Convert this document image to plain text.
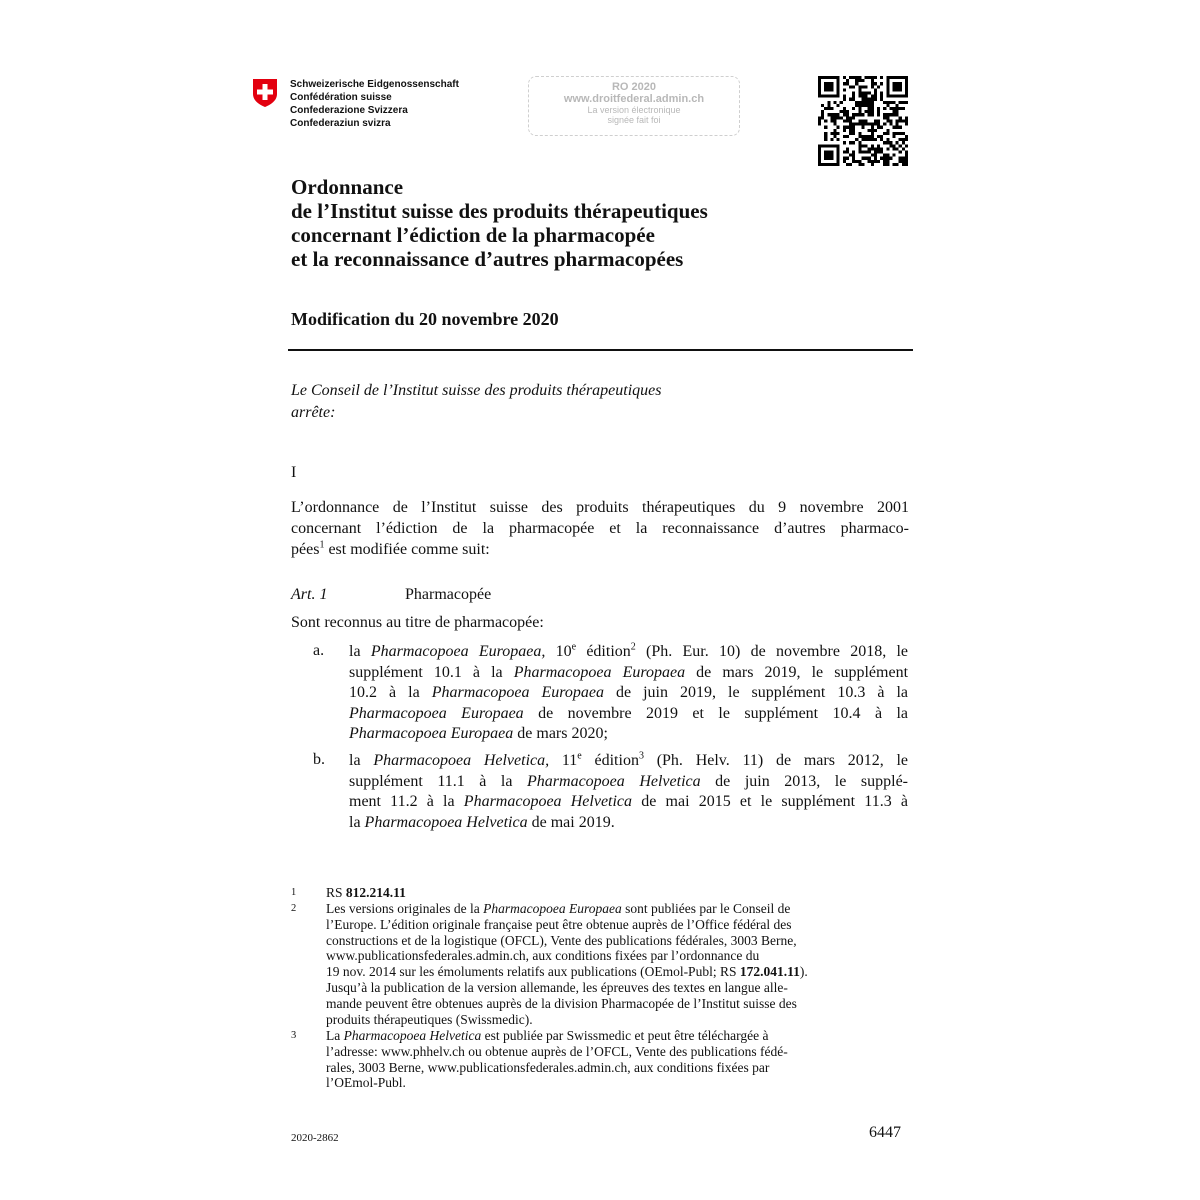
Schweizerische Eidgenossenschaft
Confédération suisse
Confederazione Svizzera
Confederaziun svizra
RO 2020
www.droitfederal.admin.ch
La version électronique
signée fait foi
Ordonnance
de l’Institut suisse des produits thérapeutiques
concernant l’édiction de la pharmacopée
et la reconnaissance d’autres pharmacopées
Modification du 20 novembre 2020
Le Conseil de l’Institut suisse des produits thérapeutiques
arrête:
I
L’ordonnance de l’Institut suisse des produits thérapeutiques du 9 novembre 2001
concernant l’édiction de la pharmacopée et la reconnaissance d’autres pharmaco-
pées$^1$ est modifiée comme suit:
Art. 1	Pharmacopée
Sont reconnus au titre de pharmacopée:
a. la Pharmacopoea Europaea, 10e édition$^2$ (Ph. Eur. 10) de novembre 2018, le
supplément 10.1 à la Pharmacopoea Europaea de mars 2019, le supplément
10.2 à la Pharmacopoea Europaea de juin 2019, le supplément 10.3 à la
Pharmacopoea Europaea de novembre 2019 et le supplément 10.4 à la
Pharmacopoea Europaea de mars 2020;
b. la Pharmacopoea Helvetica, 11e édition$^3$ (Ph. Helv. 11) de mars 2012, le
supplément 11.1 à la Pharmacopoea Helvetica de juin 2013, le supplé-
ment 11.2 à la Pharmacopoea Helvetica de mai 2015 et le supplément 11.3 à
la Pharmacopoea Helvetica de mai 2019.
1 RS 812.214.11
2 Les versions originales de la Pharmacopoea Europaea sont publiées par le Conseil de
l’Europe. L’édition originale française peut être obtenue auprès de l’Office fédéral des
constructions et de la logistique (OFCL), Vente des publications fédérales, 3003 Berne,
www.publicationsfederales.admin.ch, aux conditions fixées par l’ordonnance du
19 nov. 2014 sur les émoluments relatifs aux publications (OEmol-Publ; RS 172.041.11).
Jusqu’à la publication de la version allemande, les épreuves des textes en langue alle-
mande peuvent être obtenues auprès de la division Pharmacopée de l’Institut suisse des
produits thérapeutiques (Swissmedic).
3 La Pharmacopoea Helvetica est publiée par Swissmedic et peut être téléchargée à
l’adresse: www.phhelv.ch ou obtenue auprès de l’OFCL, Vente des publications fédé-
rales, 3003 Berne, www.publicationsfederales.admin.ch, aux conditions fixées par
l’OEmol-Publ.
2020-2862	6447
